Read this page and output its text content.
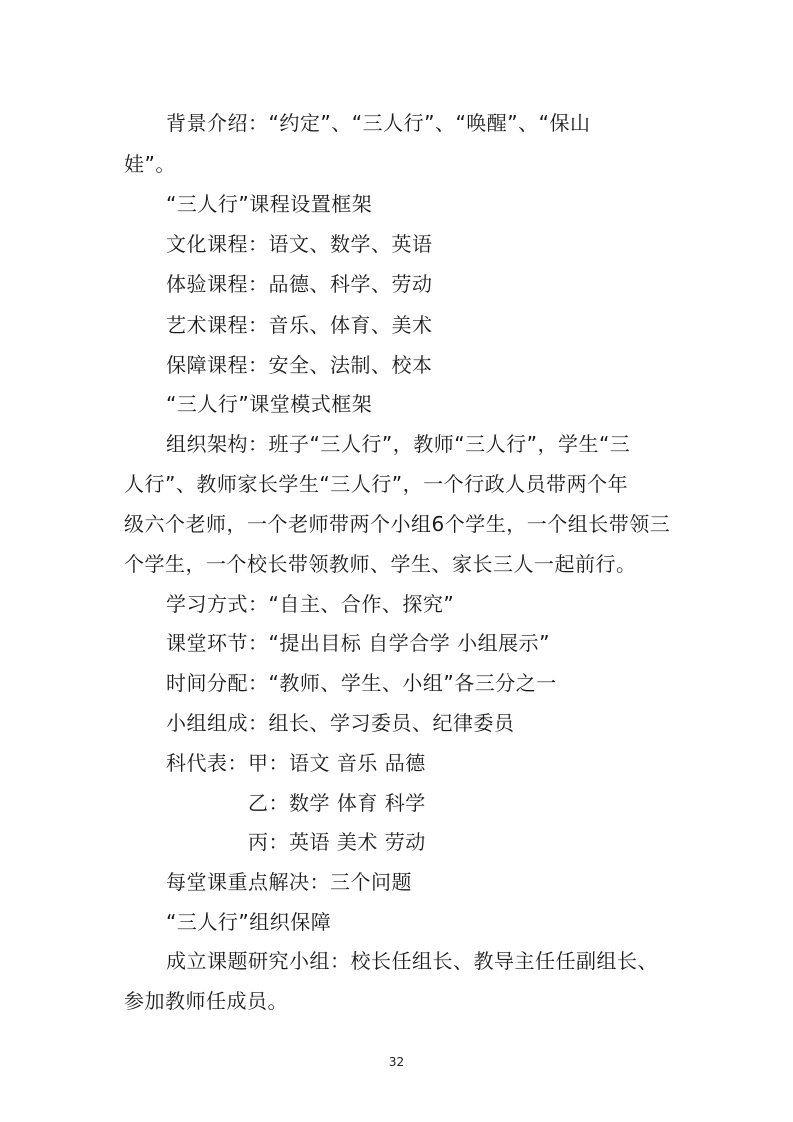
背景介绍：“约定”、“三人行”、“唤醒”、“保山
娃”。
“三人行”课程设置框架
文化课程：语文、数学、英语
体验课程：品德、科学、劳动
艺术课程：音乐、体育、美术
保障课程：安全、法制、校本
“三人行”课堂模式框架
组织架构：班子“三人行”，教师“三人行”，学生“三
人行”、教师家长学生“三人行”，一个行政人员带两个年
级六个老师，一个老师带两个小组6个学生，一个组长带领三
个学生，一个校长带领教师、学生、家长三人一起前行。
学习方式：“自主、合作、探究”
课堂环节：“提出目标 自学合学 小组展示”
时间分配：“教师、学生、小组”各三分之一
小组组成：组长、学习委员、纪律委员
科代表：甲：语文 音乐 品德
乙：数学 体育 科学
丙：英语 美术 劳动
每堂课重点解决：三个问题
“三人行”组织保障
成立课题研究小组：校长任组长、教导主任任副组长、
参加教师任成员。
32
